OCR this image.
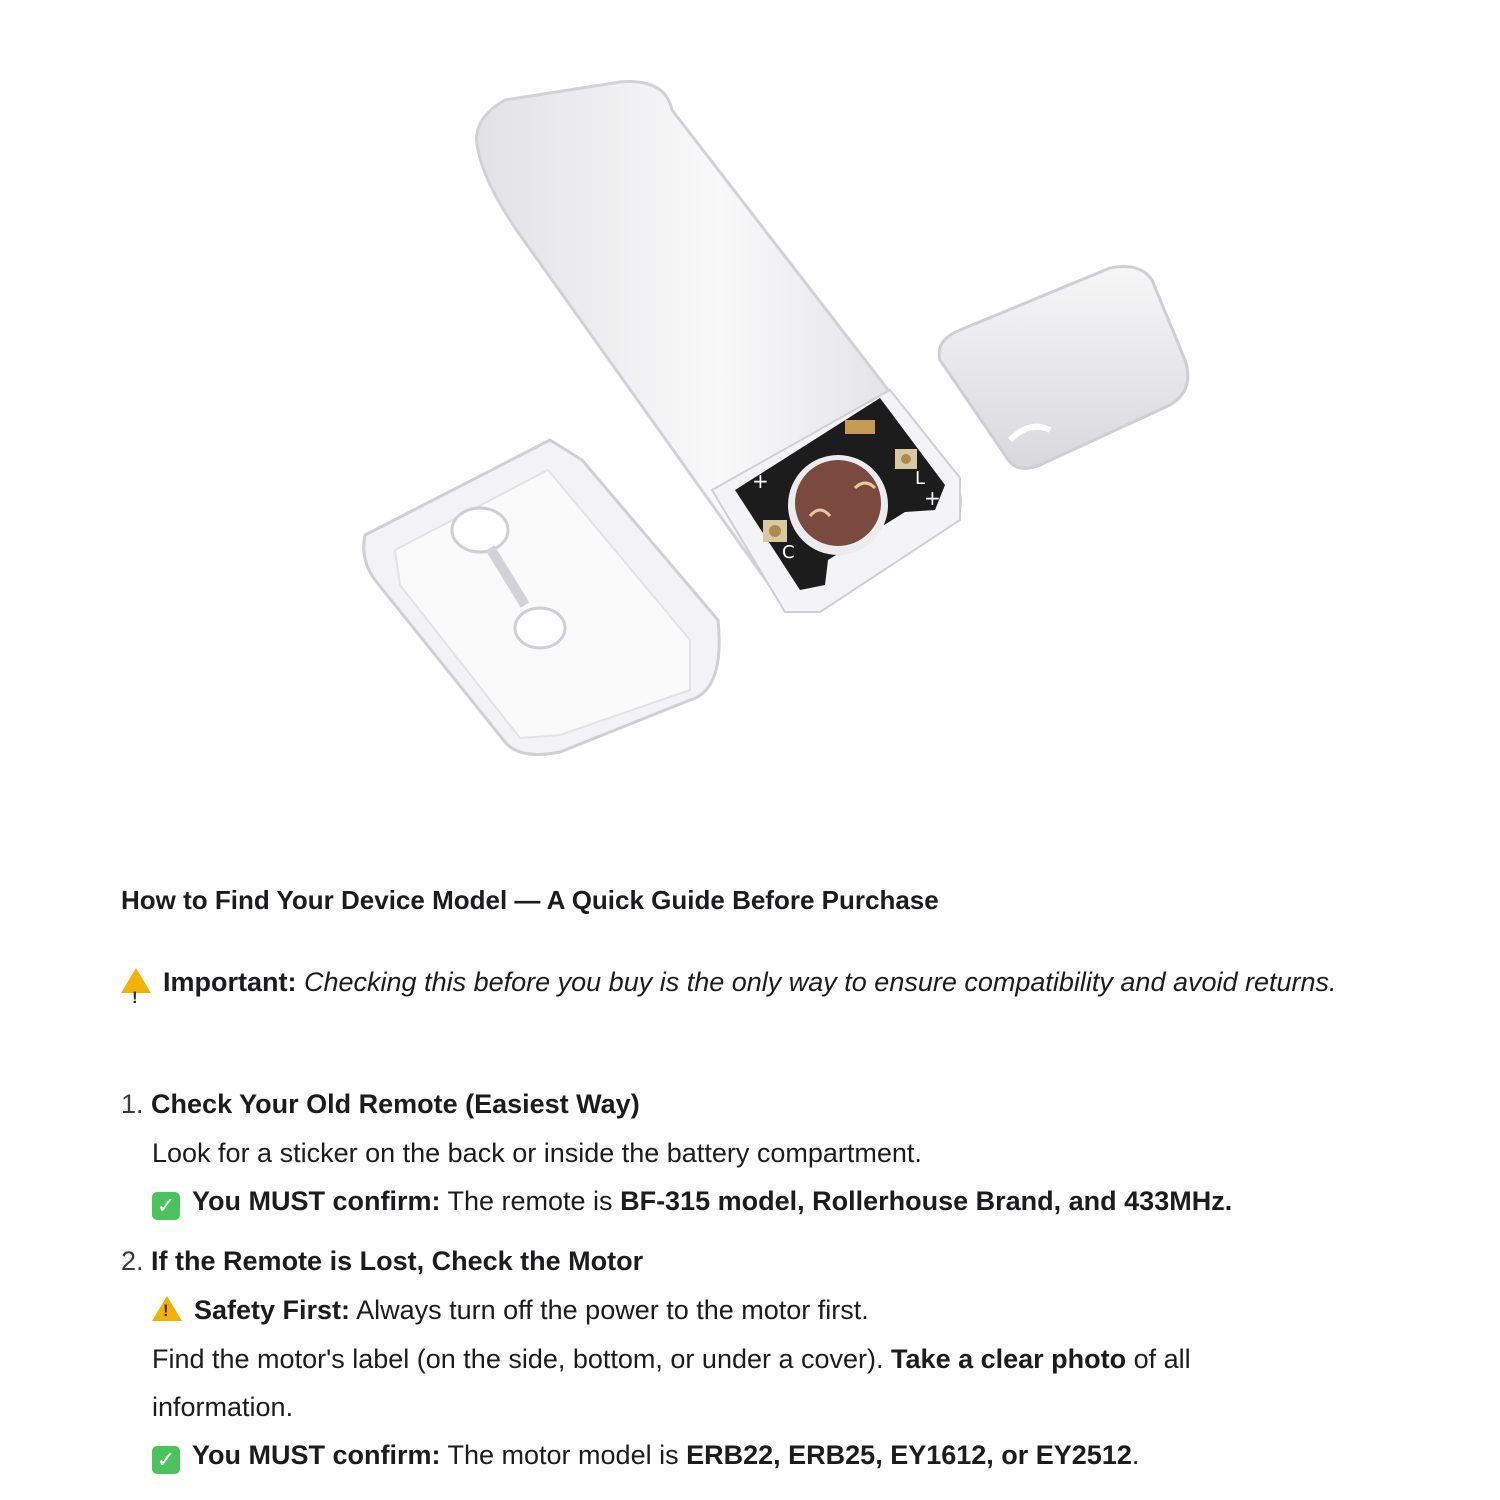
+
+
C
L
How to Find Your Device Model — A Quick Guide Before Purchase
!Important: Checking this before you buy is the only way to ensure compatibility and avoid returns.
1. Check Your Old Remote (Easiest Way)
Look for a sticker on the back or inside the battery compartment.
✓ You MUST confirm: The remote is BF-315 model, Rollerhouse Brand, and 433MHz.
2. If the Remote is Lost, Check the Motor
!Safety First: Always turn off the power to the motor first.
Find the motor's label (on the side, bottom, or under a cover). Take a clear photo of all
information.
✓ You MUST confirm: The motor model is ERB22, ERB25, EY1612, or EY2512.
